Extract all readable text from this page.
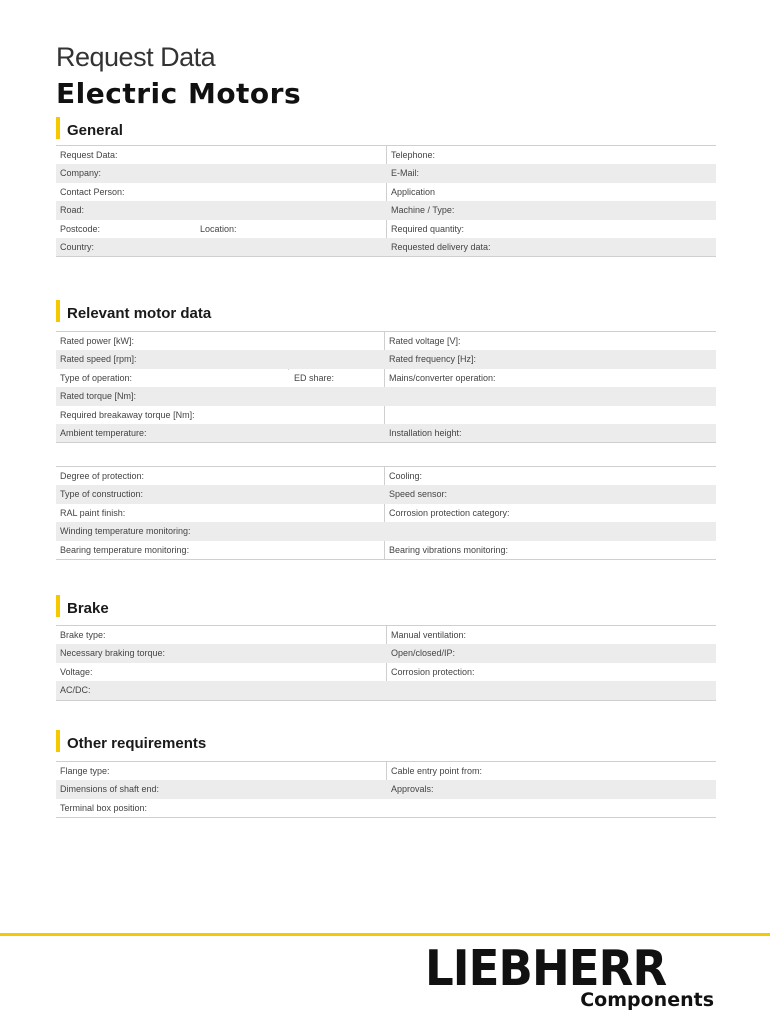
Request Data
Electric Motors
General
Request Data:	Telephone:
Company:	E-Mail:
Contact Person:	Application
Road:	Machine / Type:
Postcode:	Location:	Required quantity:
Country:	Requested delivery data:
Relevant motor data
Rated power [kW]:	Rated voltage [V]:
Rated speed [rpm]:	Rated frequency [Hz]:
Type of operation:	ED share:	Mains/converter operation:
Rated torque [Nm]:
Required breakaway torque [Nm]:
Ambient temperature:	Installation height:
Degree of protection:	Cooling:
Type of construction:	Speed sensor:
RAL paint finish:	Corrosion protection category:
Winding temperature monitoring:
Bearing temperature monitoring:	Bearing vibrations monitoring:
Brake
Brake type:	Manual ventilation:
Necessary braking torque:	Open/closed/IP:
Voltage:	Corrosion protection:
AC/DC:
Other requirements
Flange type:	Cable entry point from:
Dimensions of shaft end:	Approvals:
Terminal box position:
LIEBHERR
Components
